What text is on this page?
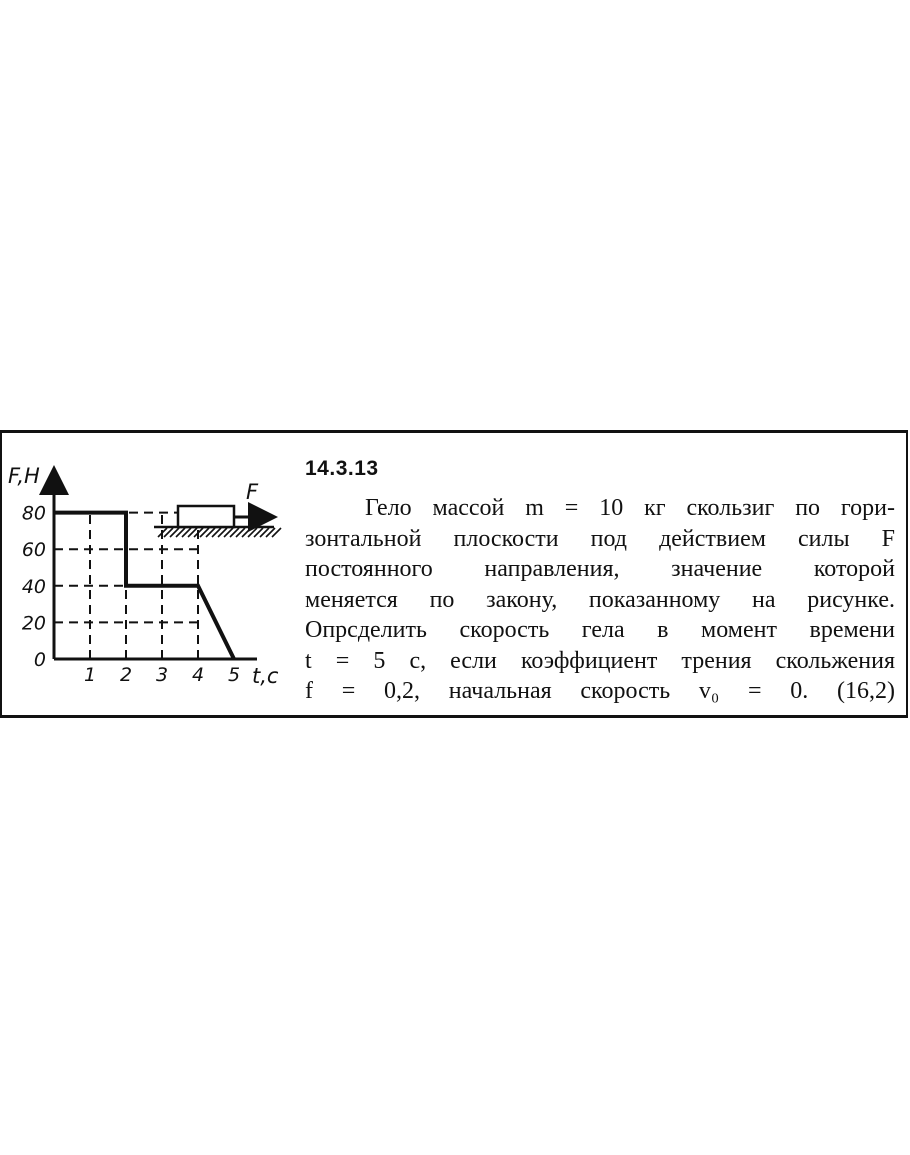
80
60
40
20
0
1 2 3 4 5
F,H
t,c
F
14.3.13
Гело массой m = 10 кг скользиг по гори-
зонтальной плоскости под действием силы F
постоянного направления, значение которой
меняется по закону, показанному на рисунке.
Опрсделить скорость гела в момент времени
t = 5 с, если коэффициент трения скольжения
f = 0,2, начальная скорость v₀ = 0. (16,2)
